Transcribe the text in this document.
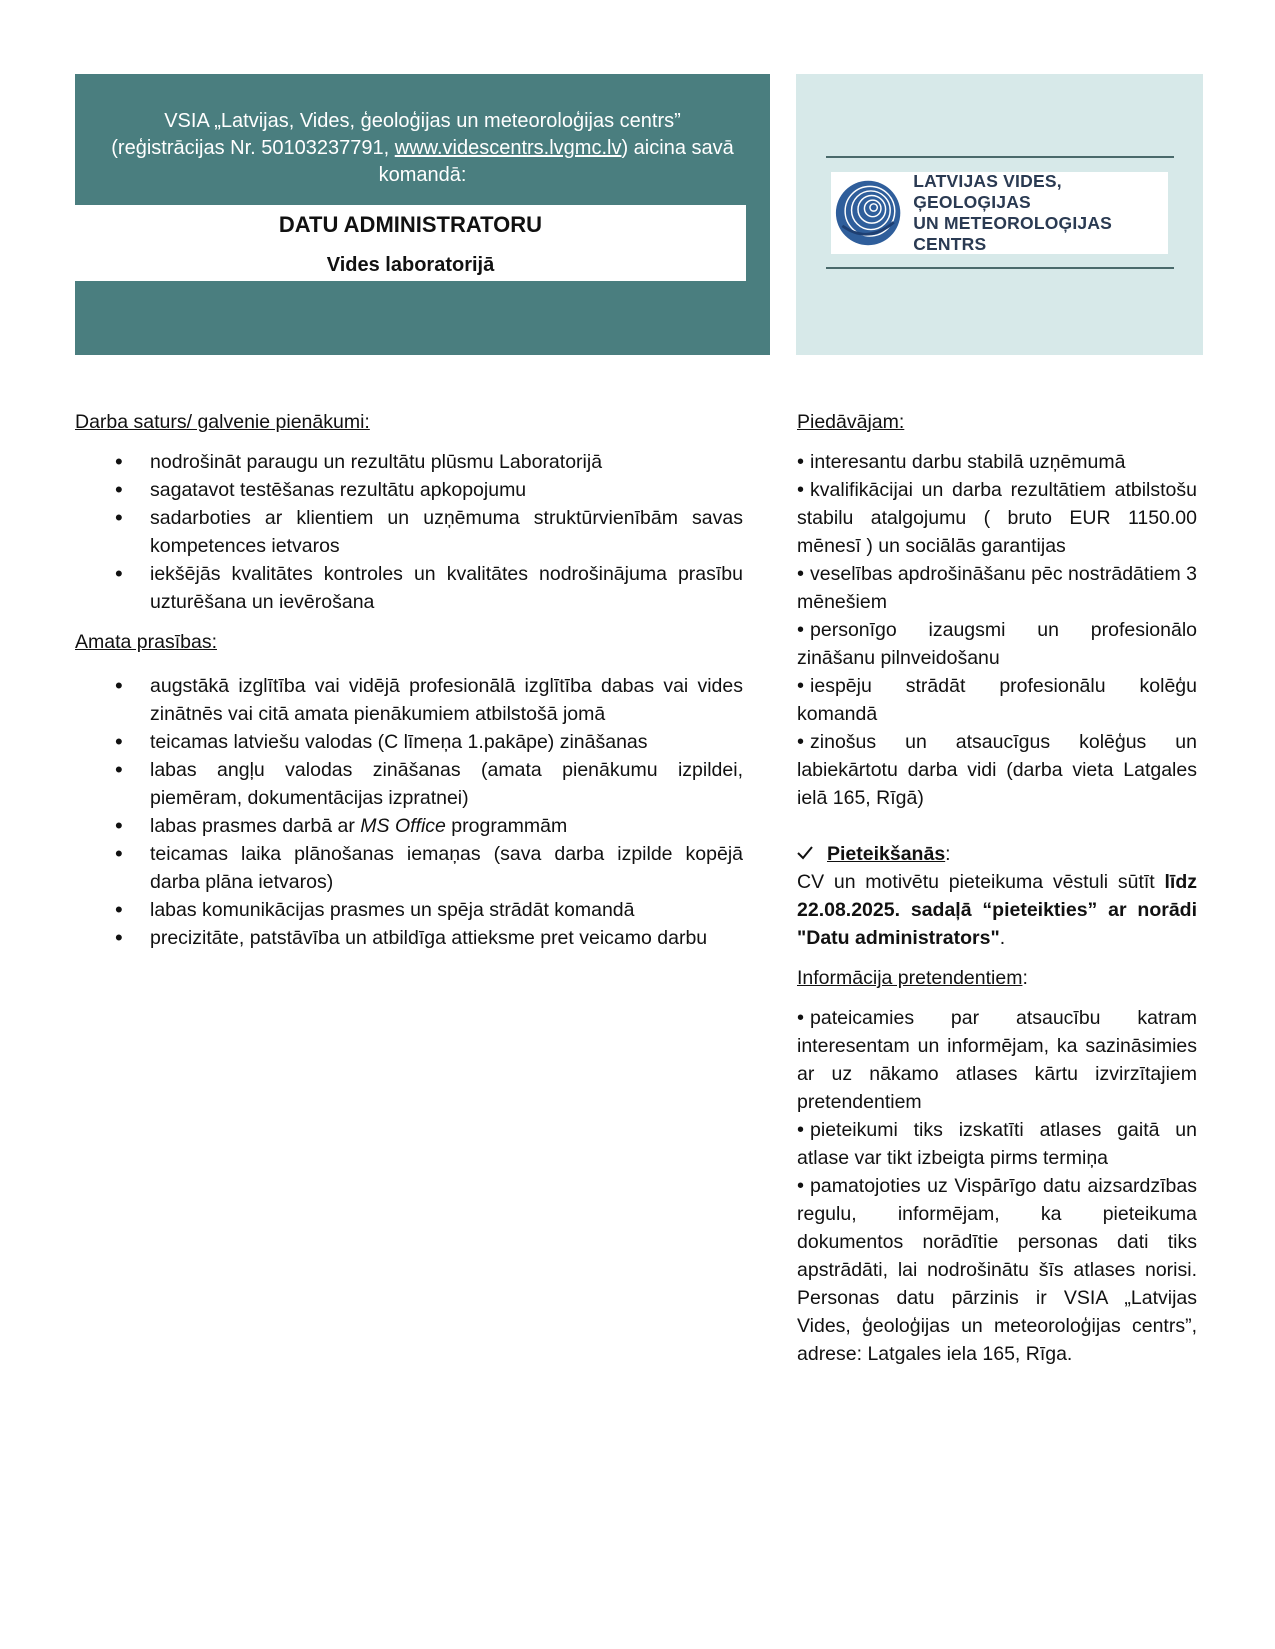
VSIA „Latvijas, Vides, ģeoloģijas un meteoroloģijas centrs”
(reģistrācijas Nr. 50103237791, www.videscentrs.lvgmc.lv) aicina savā
komandā:
DATU ADMINISTRATORU
Vides laboratorijā
LATVIJAS VIDES, ĢEOLOĢIJAS
UN METEOROLOĢIJAS CENTRS
Darba saturs/ galvenie pienākumi:
• nodrošināt paraugu un rezultātu plūsmu Laboratorijā
• sagatavot testēšanas rezultātu apkopojumu
• sadarboties ar klientiem un uzņēmuma struktūrvienībām savas kompetences ietvaros
• iekšējās kvalitātes kontroles un kvalitātes nodrošinājuma prasību uzturēšana un ievērošana
Amata prasības:
• augstākā izglītība vai vidējā profesionālā izglītība dabas vai vides zinātnēs vai citā amata pienākumiem atbilstošā jomā
• teicamas latviešu valodas (C līmeņa 1.pakāpe) zināšanas
• labas angļu valodas zināšanas (amata pienākumu izpildei, piemēram, dokumentācijas izpratnei)
• labas prasmes darbā ar MS Office programmām
• teicamas laika plānošanas iemaņas (sava darba izpilde kopējā darba plāna ietvaros)
• labas komunikācijas prasmes un spēja strādāt komandā
• precizitāte, patstāvība un atbildīga attieksme pret veicamo darbu
Piedāvājam:

• interesantu darbu stabilā uzņēmumā

• kvalifikācijai un darba rezultātiem atbilstošu stabilu atalgojumu ( bruto EUR 1150.00 mēnesī ) un sociālās garantijas

• veselības apdrošināšanu pēc nostrādātiem 3 mēnešiem

• personīgo izaugsmi un profesionālo zināšanu pilnveidošanu

• iespēju strādāt profesionālu kolēģu komandā

• zinošus un atsaucīgus kolēģus un labiekārtotu darba vidi (darba vieta Latgales ielā 165, Rīgā)

Pieteikšanās:

CV un motivētu pieteikuma vēstuli sūtīt līdz 22.08.2025. sadaļā “pieteikties” ar norādi "Datu administrators".

Informācija pretendentiem:

• pateicamies par atsaucību katram interesentam un informējam, ka sazināsimies ar uz nākamo atlases kārtu izvirzītajiem pretendentiem

• pieteikumi tiks izskatīti atlases gaitā un atlase var tikt izbeigta pirms termiņa

• pamatojoties uz Vispārīgo datu aizsardzības regulu, informējam, ka pieteikuma dokumentos norādītie personas dati tiks apstrādāti, lai nodrošinātu šīs atlases norisi. Personas datu pārzinis ir VSIA „Latvijas Vides, ģeoloģijas un meteoroloģijas centrs”, adrese: Latgales iela 165, Rīga.
